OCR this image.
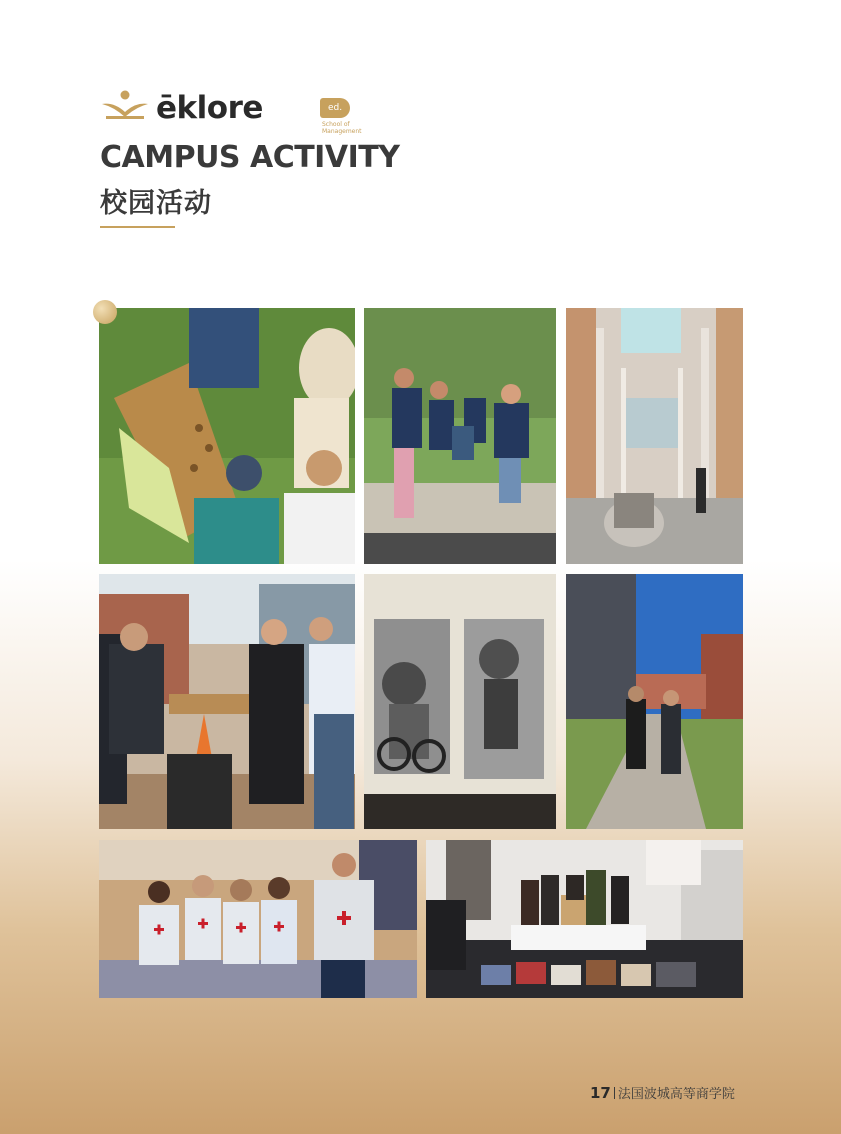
ēklore	ed.
School of Management
CAMPUS ACTIVITY
校园活动
17 法国波城高等商学院
